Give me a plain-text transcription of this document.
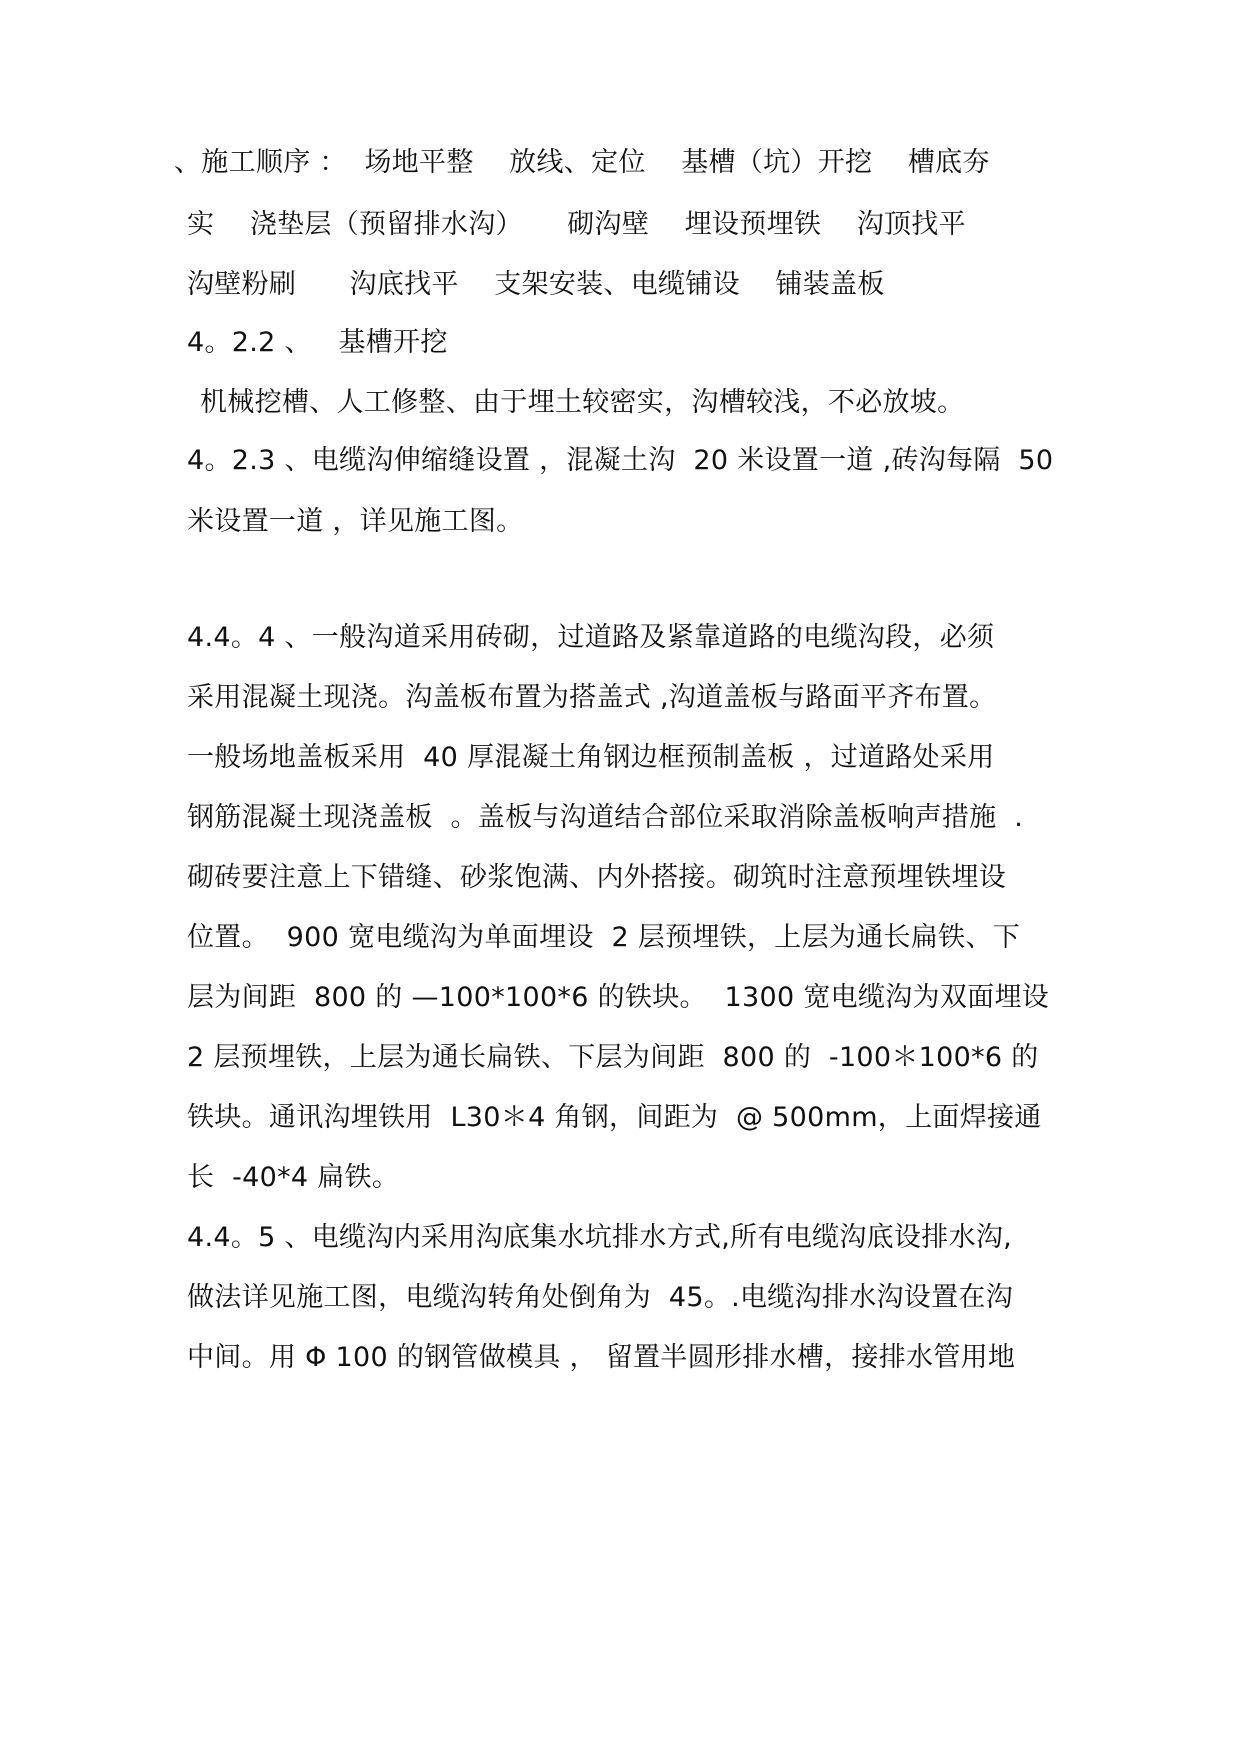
、施工顺序 ：  场地平整    放线、定位    基槽（坑）开挖    槽底夯
实    浇垫层（预留排水沟）     砌沟壁    埋设预埋铁    沟顶找平
沟壁粉刷      沟底找平    支架安装、电缆铺设    铺装盖板
4。2.2 、   基槽开挖
机械挖槽、人工修整、由于埋土较密实，沟槽较浅，不必放坡。
4。2.3 、电缆沟伸缩缝设置 ，混凝土沟  20 米设置一道 ,砖沟每隔  50
米设置一道 ，详见施工图。
4.4。4 、一般沟道采用砖砌，过道路及紧靠道路的电缆沟段，必须
采用混凝土现浇。沟盖板布置为搭盖式 ,沟道盖板与路面平齐布置。
一般场地盖板采用  40 厚混凝土角钢边框预制盖板 ，过道路处采用
钢筋混凝土现浇盖板  。盖板与沟道结合部位采取消除盖板响声措施  .
砌砖要注意上下错缝、砂浆饱满、内外搭接。砌筑时注意预埋铁埋设
位置。  900 宽电缆沟为单面埋设  2 层预埋铁，上层为通长扁铁、下
层为间距  800 的 —100*100*6 的铁块。  1300 宽电缆沟为双面埋设
2 层预埋铁，上层为通长扁铁、下层为间距  800 的  -100＊100*6 的
铁块。通讯沟埋铁用  L30＊4 角钢，间距为  @ 500mm，上面焊接通
长  -40*4 扁铁。
4.4。5 、电缆沟内采用沟底集水坑排水方式,所有电缆沟底设排水沟,
做法详见施工图，电缆沟转角处倒角为  45。.电缆沟排水沟设置在沟
中间。用 Φ 100 的钢管做模具 ， 留置半圆形排水槽，接排水管用地
